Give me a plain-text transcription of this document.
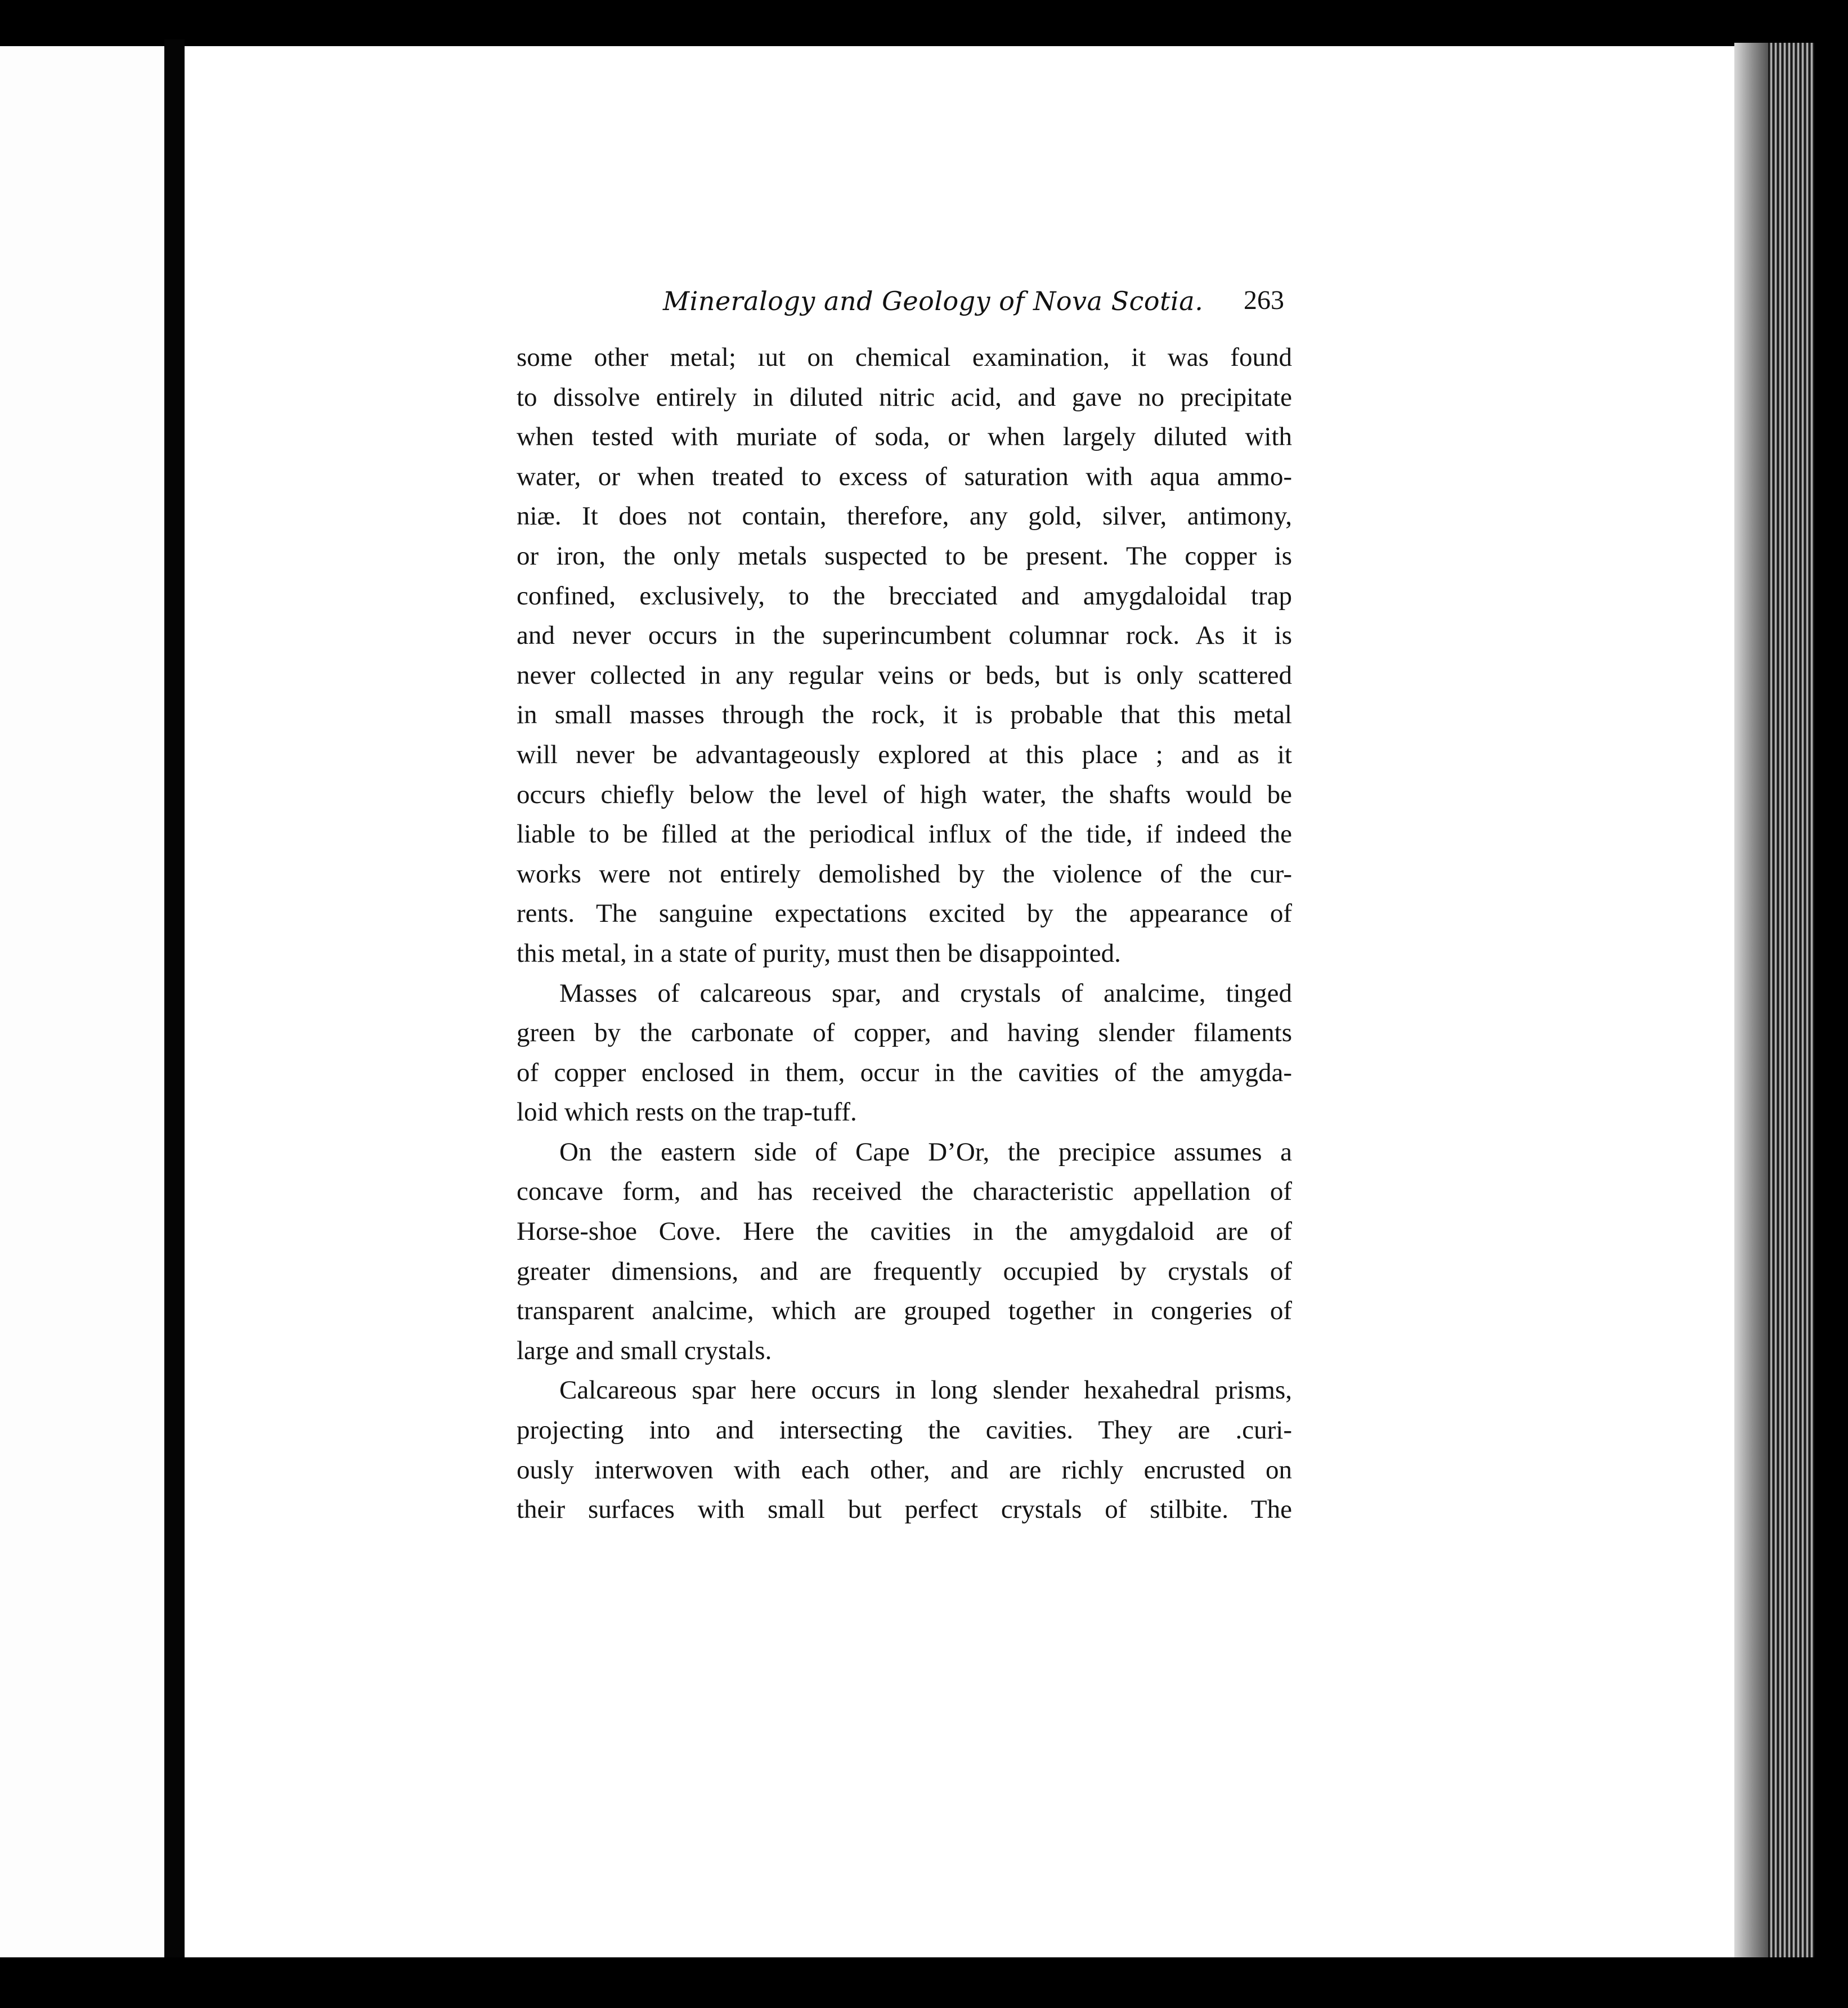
Mineralogy and Geology of Nova Scotia.	263

some other metal; ıut on chemical examination, it was found
to dissolve entirely in diluted nitric acid, and gave no precipitate
when tested with muriate of soda, or when largely diluted with
water, or when treated to excess of saturation with aqua ammo-
niæ. It does not contain, therefore, any gold, silver, antimony,
or iron, the only metals suspected to be present. The copper is
confined, exclusively, to the brecciated and amygdaloidal trap
and never occurs in the superincumbent columnar rock. As it is
never collected in any regular veins or beds, but is only scattered
in small masses through the rock, it is probable that this metal
will never be advantageously explored at this place ; and as it
occurs chiefly below the level of high water, the shafts would be
liable to be filled at the periodical influx of the tide, if indeed the
works were not entirely demolished by the violence of the cur-
rents. The sanguine expectations excited by the appearance of
this metal, in a state of purity, must then be disappointed.

Masses of calcareous spar, and crystals of analcime, tinged
green by the carbonate of copper, and having slender filaments
of copper enclosed in them, occur in the cavities of the amygda-
loid which rests on the trap-tuff.

On the eastern side of Cape D’Or, the precipice assumes a
concave form, and has received the characteristic appellation of
Horse-shoe Cove. Here the cavities in the amygdaloid are of
greater dimensions, and are frequently occupied by crystals of
transparent analcime, which are grouped together in congeries of
large and small crystals.

Calcareous spar here occurs in long slender hexahedral prisms,
projecting into and intersecting the cavities. They are .curi-
ously interwoven with each other, and are richly encrusted on
their surfaces with small but perfect crystals of stilbite. The
